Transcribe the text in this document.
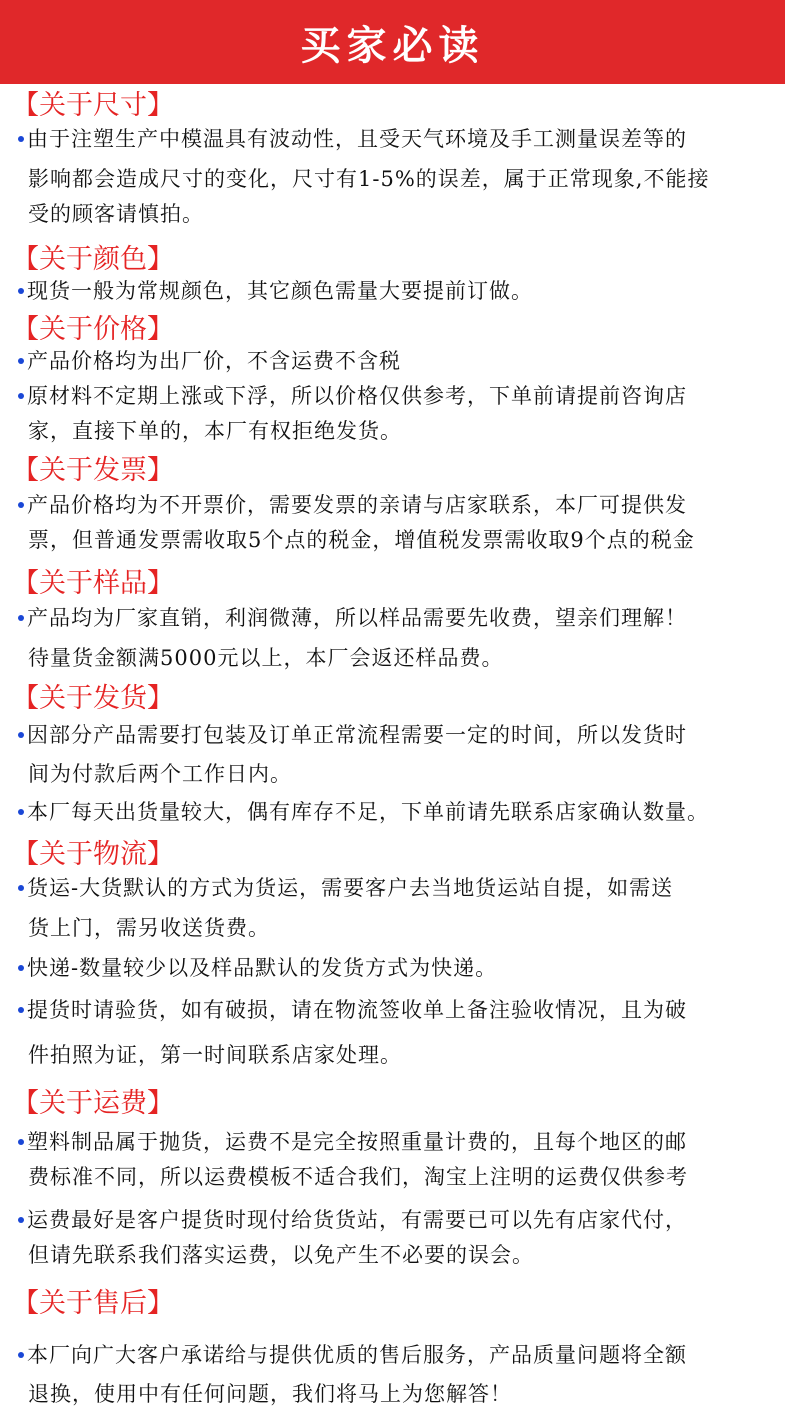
买家必读
【关于尺寸】
由于注塑生产中模温具有波动性，且受天气环境及手工测量误差等的
影响都会造成尺寸的变化，尺寸有1-5%的误差，属于正常现象,不能接
受的顾客请慎拍。
【关于颜色】
现货一般为常规颜色，其它颜色需量大要提前订做。
【关于价格】
产品价格均为出厂价，不含运费不含税
原材料不定期上涨或下浮，所以价格仅供参考，下单前请提前咨询店
家，直接下单的，本厂有权拒绝发货。
【关于发票】
产品价格均为不开票价，需要发票的亲请与店家联系，本厂可提供发
票，但普通发票需收取5个点的税金，增值税发票需收取9个点的税金
【关于样品】
产品均为厂家直销，利润微薄，所以样品需要先收费，望亲们理解！
待量货金额满5000元以上，本厂会返还样品费。
【关于发货】
因部分产品需要打包装及订单正常流程需要一定的时间，所以发货时
间为付款后两个工作日内。
本厂每天出货量较大，偶有库存不足，下单前请先联系店家确认数量。
【关于物流】
货运-大货默认的方式为货运，需要客户去当地货运站自提，如需送
货上门，需另收送货费。
快递-数量较少以及样品默认的发货方式为快递。
提货时请验货，如有破损，请在物流签收单上备注验收情况，且为破
件拍照为证，第一时间联系店家处理。
【关于运费】
塑料制品属于抛货，运费不是完全按照重量计费的，且每个地区的邮
费标准不同，所以运费模板不适合我们，淘宝上注明的运费仅供参考
运费最好是客户提货时现付给货货站，有需要已可以先有店家代付，
但请先联系我们落实运费，以免产生不必要的误会。
【关于售后】
本厂向广大客户承诺给与提供优质的售后服务，产品质量问题将全额
退换，使用中有任何问题，我们将马上为您解答！
